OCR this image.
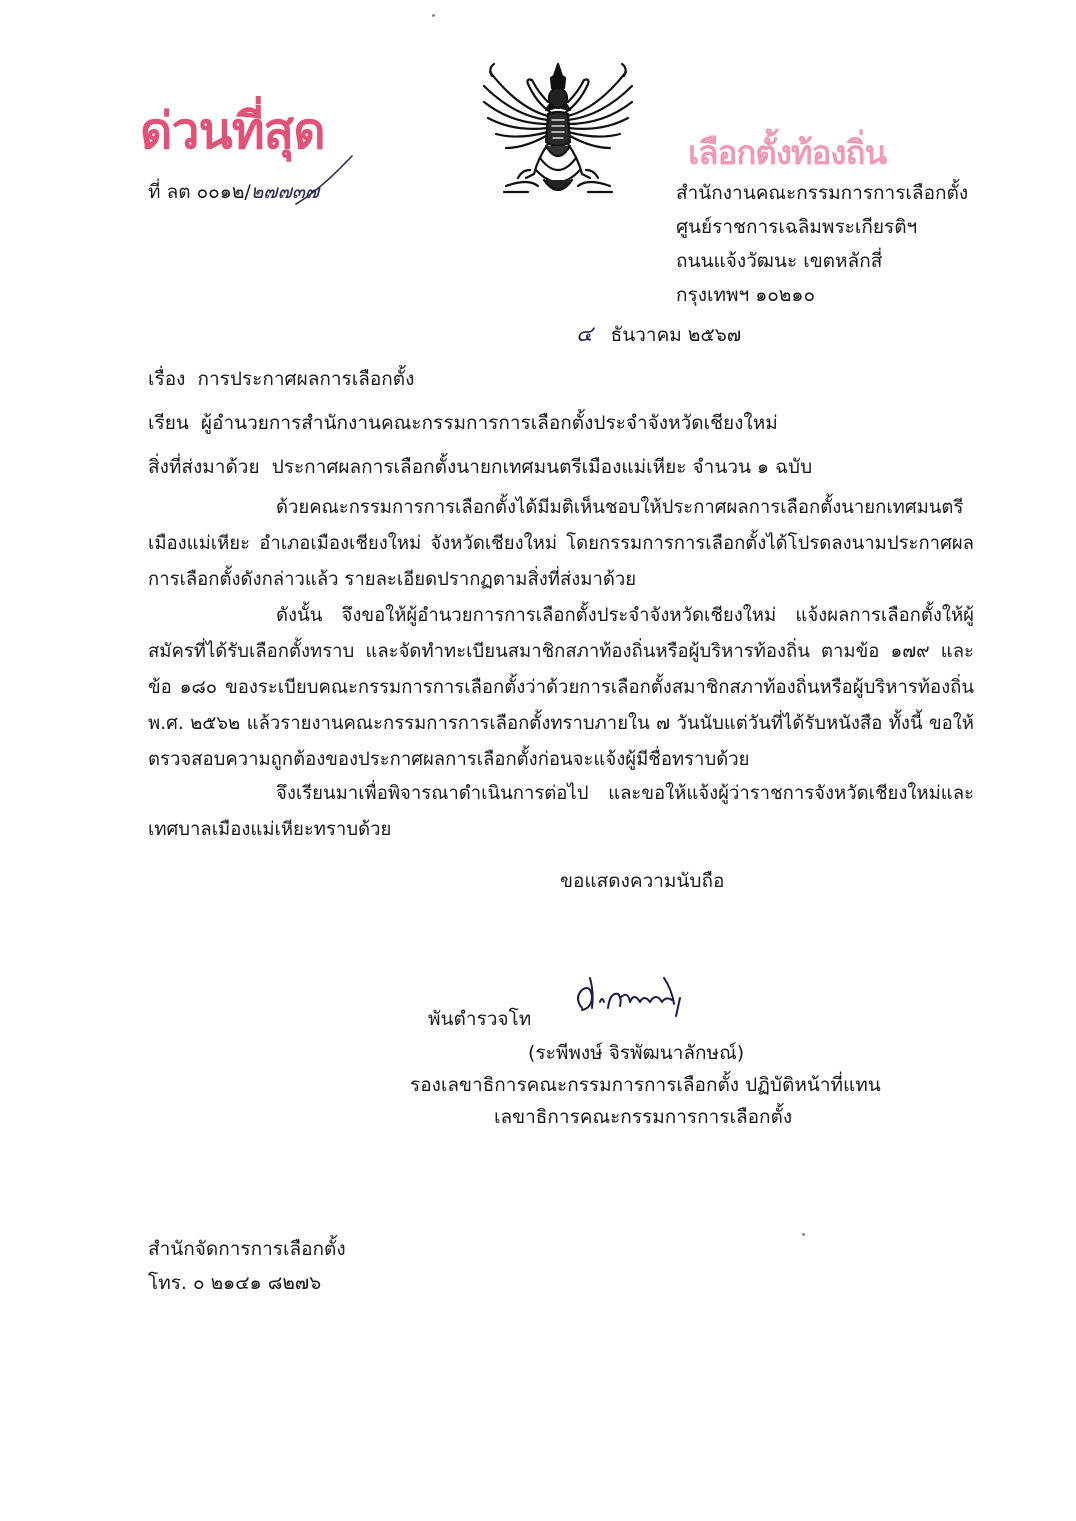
ด่วนที่สุด	เลือกตั้งท้องถิ่น
ที่ ลต ๐๐๑๒/๒๗๗๓๗	สำนักงานคณะกรรมการการเลือกตั้ง
ศูนย์ราชการเฉลิมพระเกียรติฯ
ถนนแจ้งวัฒนะ เขตหลักสี่
กรุงเทพฯ ๑๐๒๑๐
๔ ธันวาคม ๒๕๖๗
เรื่อง การประกาศผลการเลือกตั้ง
เรียน ผู้อำนวยการสำนักงานคณะกรรมการการเลือกตั้งประจำจังหวัดเชียงใหม่
สิ่งที่ส่งมาด้วย ประกาศผลการเลือกตั้งนายกเทศมนตรีเมืองแม่เหียะ จำนวน ๑ ฉบับ
ด้วยคณะกรรมการการเลือกตั้งได้มีมติเห็นชอบให้ประกาศผลการเลือกตั้งนายกเทศมนตรีเมืองแม่เหียะ อำเภอเมืองเชียงใหม่ จังหวัดเชียงใหม่ โดยกรรมการการเลือกตั้งได้โปรดลงนามประกาศผลการเลือกตั้งดังกล่าวแล้ว รายละเอียดปรากฏตามสิ่งที่ส่งมาด้วย
ดังนั้น จึงขอให้ผู้อำนวยการการเลือกตั้งประจำจังหวัดเชียงใหม่ แจ้งผลการเลือกตั้งให้ผู้สมัครที่ได้รับเลือกตั้งทราบ และจัดทำทะเบียนสมาชิกสภาท้องถิ่นหรือผู้บริหารท้องถิ่น ตามข้อ ๑๗๙ และข้อ ๑๘๐ ของระเบียบคณะกรรมการการเลือกตั้งว่าด้วยการเลือกตั้งสมาชิกสภาท้องถิ่นหรือผู้บริหารท้องถิ่น พ.ศ. ๒๕๖๒ แล้วรายงานคณะกรรมการการเลือกตั้งทราบภายใน ๗ วันนับแต่วันที่ได้รับหนังสือ ทั้งนี้ ขอให้ตรวจสอบความถูกต้องของประกาศผลการเลือกตั้งก่อนจะแจ้งผู้มีชื่อทราบด้วย
จึงเรียนมาเพื่อพิจารณาดำเนินการต่อไป และขอให้แจ้งผู้ว่าราชการจังหวัดเชียงใหม่และเทศบาลเมืองแม่เหียะทราบด้วย
ขอแสดงความนับถือ
พันตำรวจโท
(ระพีพงษ์ จิรพัฒนาลักษณ์)
รองเลขาธิการคณะกรรมการการเลือกตั้ง ปฏิบัติหน้าที่แทน
เลขาธิการคณะกรรมการการเลือกตั้ง
สำนักจัดการการเลือกตั้ง
โทร. ๐ ๒๑๔๑ ๘๒๗๖
